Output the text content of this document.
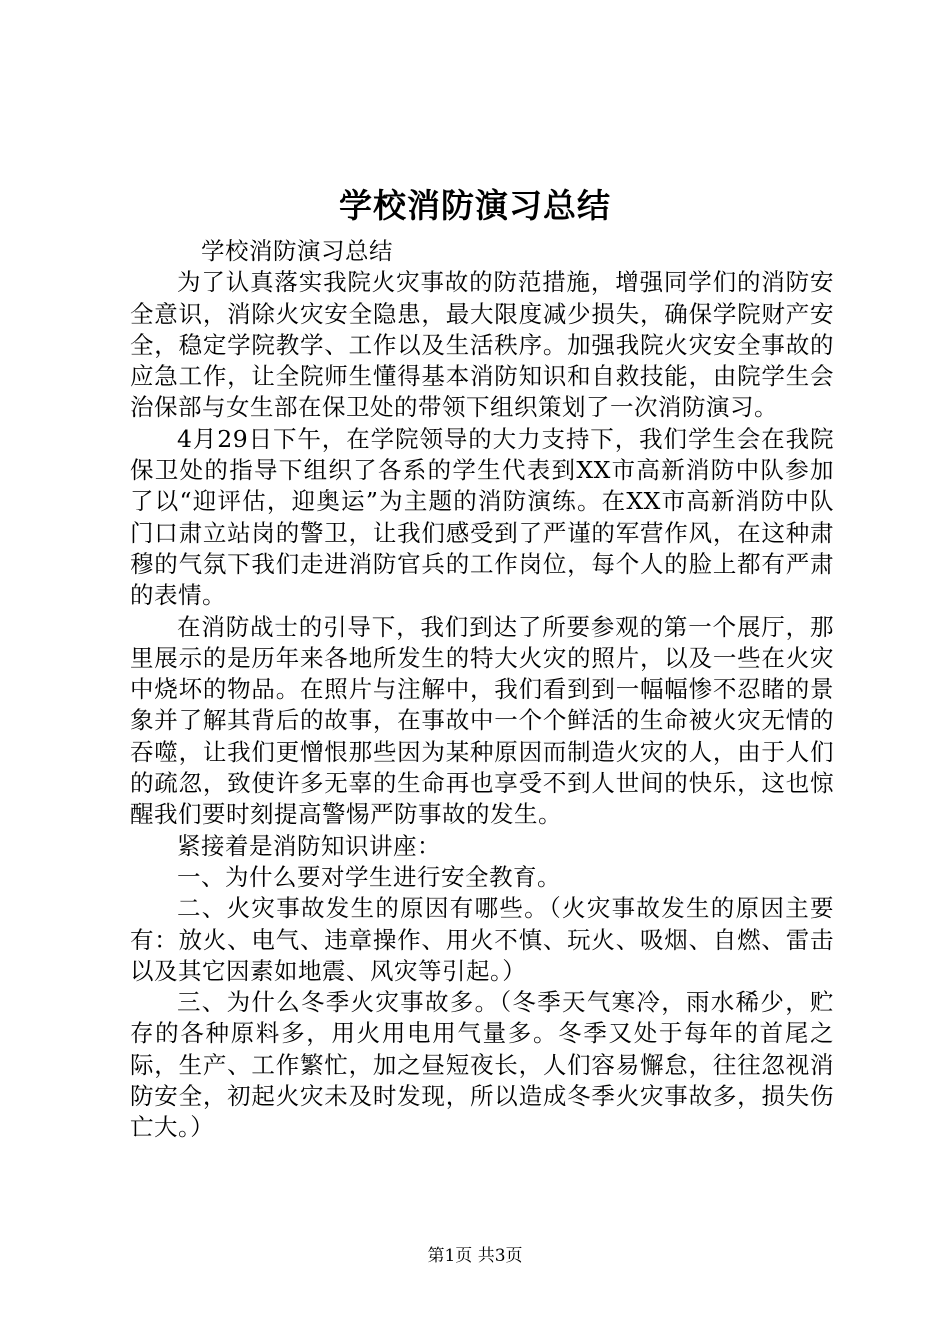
学校消防演习总结

学校消防演习总结

为了认真落实我院火灾事故的防范措施，增强同学们的消防安全意识，消除火灾安全隐患，最大限度减少损失，确保学院财产安全，稳定学院教学、工作以及生活秩序。加强我院火灾安全事故的应急工作，让全院师生懂得基本消防知识和自救技能，由院学生会治保部与女生部在保卫处的带领下组织策划了一次消防演习。

4月29日下午，在学院领导的大力支持下，我们学生会在我院保卫处的指导下组织了各系的学生代表到XX市高新消防中队参加了以“迎评估，迎奥运”为主题的消防演练。在XX市高新消防中队门口肃立站岗的警卫，让我们感受到了严谨的军营作风，在这种肃穆的气氛下我们走进消防官兵的工作岗位，每个人的脸上都有严肃的表情。

在消防战士的引导下，我们到达了所要参观的第一个展厅，那里展示的是历年来各地所发生的特大火灾的照片，以及一些在火灾中烧坏的物品。在照片与注解中，我们看到到一幅幅惨不忍睹的景象并了解其背后的故事，在事故中一个个鲜活的生命被火灾无情的吞噬，让我们更憎恨那些因为某种原因而制造火灾的人，由于人们的疏忽，致使许多无辜的生命再也享受不到人世间的快乐，这也惊醒我们要时刻提高警惕严防事故的发生。

紧接着是消防知识讲座：

一、为什么要对学生进行安全教育。

二、火灾事故发生的原因有哪些。（火灾事故发生的原因主要有：放火、电气、违章操作、用火不慎、玩火、吸烟、自燃、雷击以及其它因素如地震、风灾等引起。）

三、为什么冬季火灾事故多。（冬季天气寒冷，雨水稀少，贮存的各种原料多，用火用电用气量多。冬季又处于每年的首尾之际，生产、工作繁忙，加之昼短夜长，人们容易懈怠，往往忽视消防安全，初起火灾未及时发现，所以造成冬季火灾事故多，损失伤亡大。）

第1页 共3页
